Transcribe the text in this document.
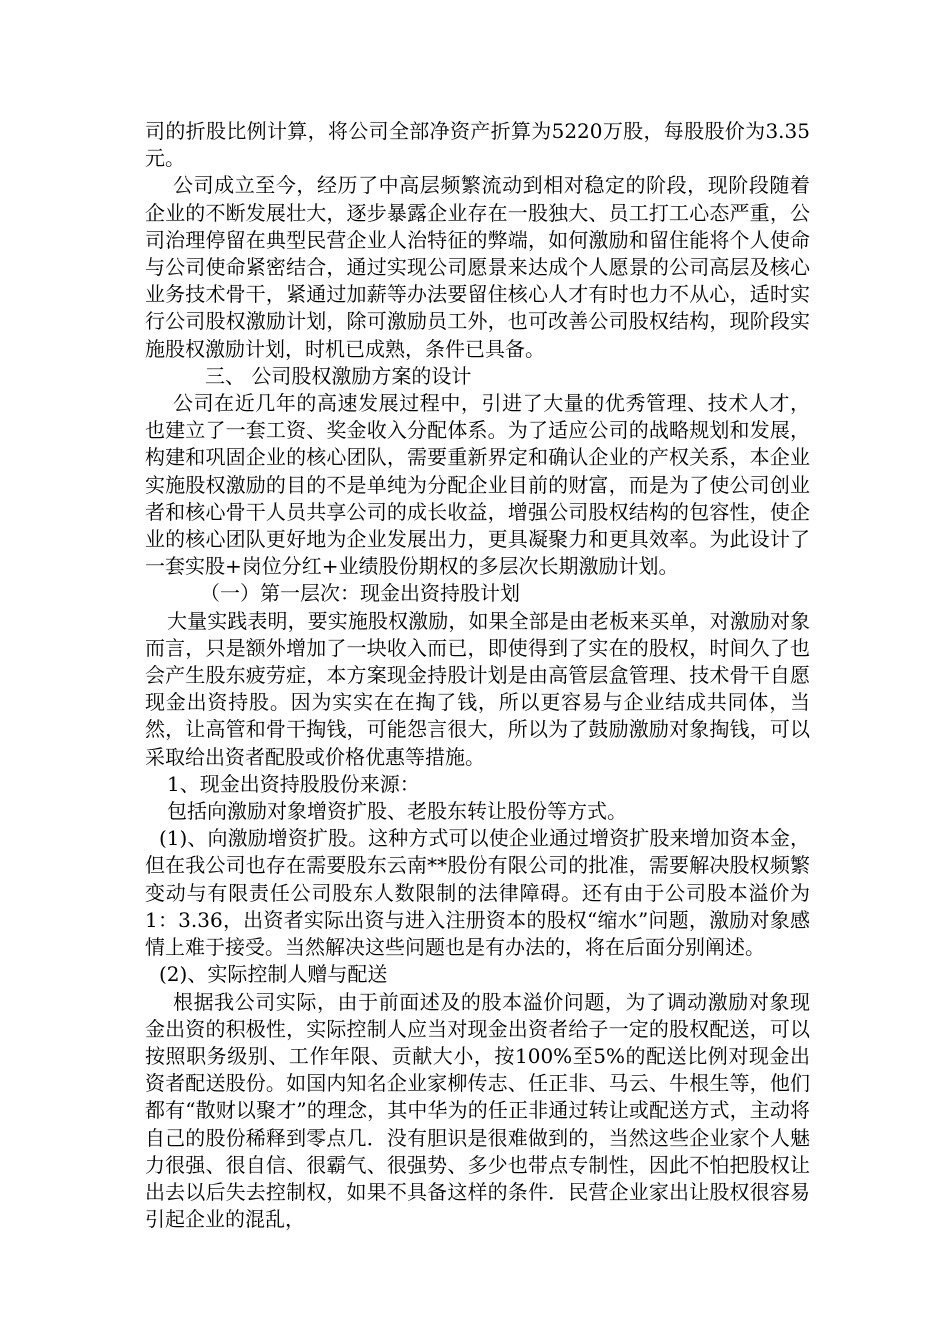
司的折股比例计算，将公司全部净资产折算为5220万股，每股股价为3.35元。

公司成立至今，经历了中高层频繁流动到相对稳定的阶段，现阶段随着企业的不断发展壮大，逐步暴露企业存在一股独大、员工打工心态严重，公司治理停留在典型民营企业人治特征的弊端，如何激励和留住能将个人使命与公司使命紧密结合，通过实现公司愿景来达成个人愿景的公司高层及核心业务技术骨干，紧通过加薪等办法要留住核心人才有时也力不从心，适时实行公司股权激励计划，除可激励员工外，也可改善公司股权结构，现阶段实施股权激励计划，时机已成熟，条件已具备。

三、 公司股权激励方案的设计

公司在近几年的高速发展过程中，引进了大量的优秀管理、技术人才，也建立了一套工资、奖金收入分配体系。为了适应公司的战略规划和发展，构建和巩固企业的核心团队，需要重新界定和确认企业的产权关系，本企业实施股权激励的目的不是单纯为分配企业目前的财富，而是为了使公司创业者和核心骨干人员共享公司的成长收益，增强公司股权结构的包容性，使企业的核心团队更好地为企业发展出力，更具凝聚力和更具效率。为此设计了一套实股+岗位分红+业绩股份期权的多层次长期激励计划。

（一）第一层次：现金出资持股计划

大量实践表明，要实施股权激励，如果全部是由老板来买单，对激励对象而言，只是额外增加了一块收入而已，即使得到了实在的股权，时间久了也会产生股东疲劳症，本方案现金持股计划是由高管层盒管理、技术骨干自愿现金出资持股。因为实实在在掏了钱，所以更容易与企业结成共同体，当然，让高管和骨干掏钱，可能怨言很大，所以为了鼓励激励对象掏钱，可以采取给出资者配股或价格优惠等措施。

1、现金出资持股股份来源：

包括向激励对象增资扩股、老股东转让股份等方式。

(1)、向激励增资扩股。这种方式可以使企业通过增资扩股来增加资本金，但在我公司也存在需要股东云南**股份有限公司的批准，需要解决股权频繁变动与有限责任公司股东人数限制的法律障碍。还有由于公司股本溢价为1：3.36，出资者实际出资与进入注册资本的股权“缩水”问题，激励对象感情上难于接受。当然解决这些问题也是有办法的，将在后面分别阐述。

(2)、实际控制人赠与配送

根据我公司实际，由于前面述及的股本溢价问题，为了调动激励对象现金出资的积极性，实际控制人应当对现金出资者给子一定的股权配送，可以按照职务级别、工作年限、贡献大小，按100%至5%的配送比例对现金出资者配送股份。如国内知名企业家柳传志、任正非、马云、牛根生等，他们都有“散财以聚才”的理念，其中华为的任正非通过转让或配送方式，主动将自己的股份稀释到零点几．没有胆识是很难做到的，当然这些企业家个人魅力很强、很自信、很霸气、很强势、多少也带点专制性，因此不怕把股权让出去以后失去控制权，如果不具备这样的条件．民营企业家出让股权很容易引起企业的混乱，
